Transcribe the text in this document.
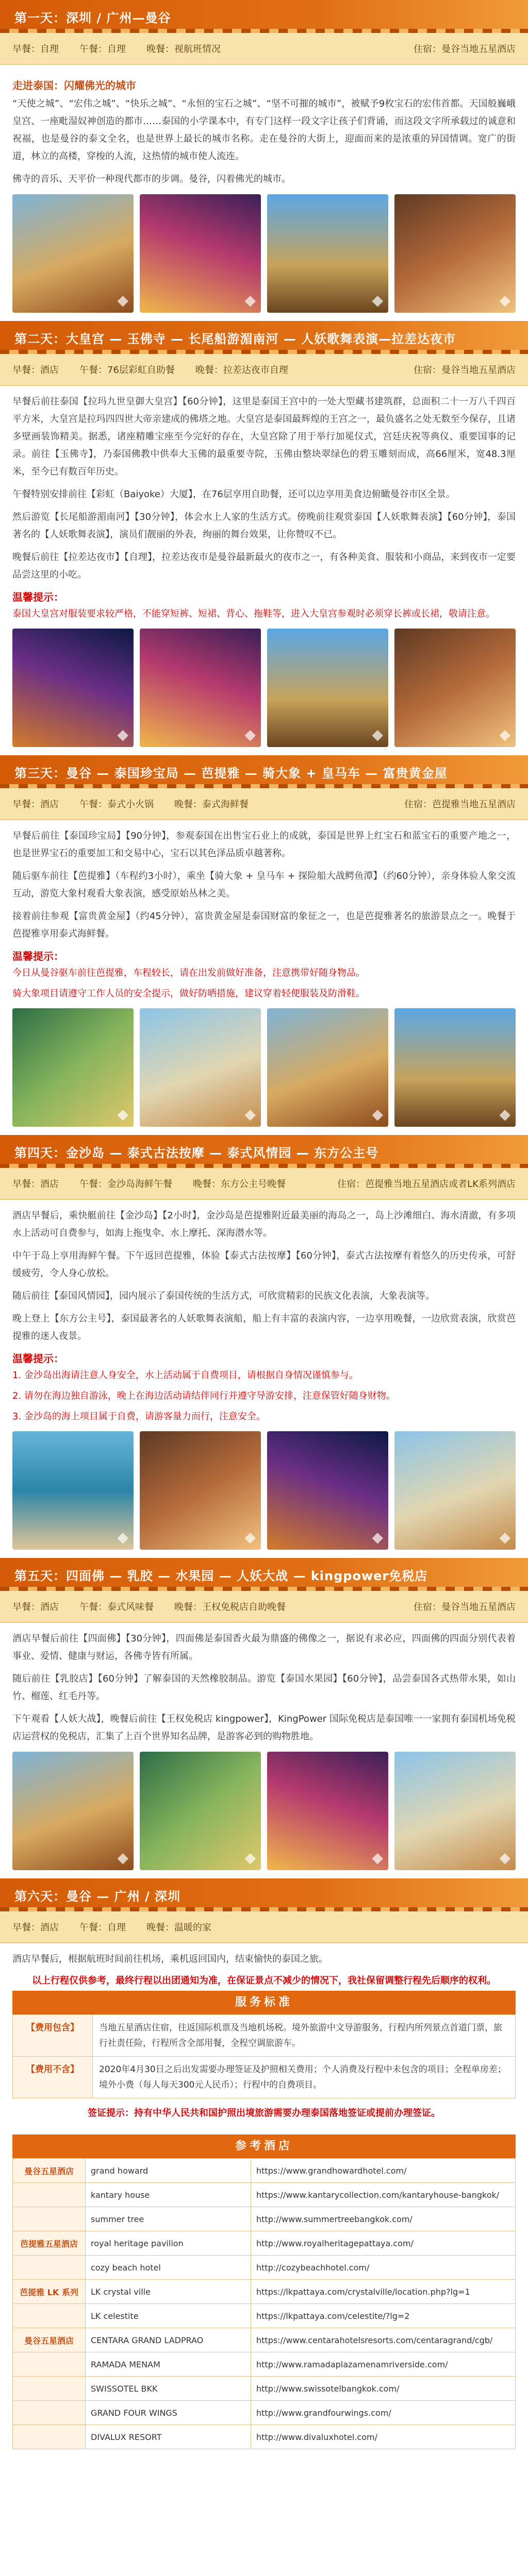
第一天：深圳 / 广州—曼谷
早餐：自理 午餐：自理 晚餐：视航班情况	住宿：曼谷当地五星酒店
走进泰国：闪耀佛光的城市

“天使之城”、“宏伟之城”、“快乐之城”、“永恒的宝石之城”、“坚不可摧的城市”，被赋予9枚宝石的宏伟首都。天国般巍峨皇宫、一座毗湿奴神创造的都市……泰国的小学课本中，有专门这样一段文字让孩子们背诵，而这段文字所承载过的诚意和祝福，也是曼谷的泰文全名，也是世界上最长的城市名称。走在曼谷的大街上，迎面而来的是浓重的异国情调。宽广的街道，林立的高楼，穿梭的人流，这热情的城市使人流连。

佛寺的音乐、天平价一种现代都市的步调。曼谷，闪着佛光的城市。

◆	◆	◆	◆
第二天：大皇宫 — 玉佛寺 — 长尾船游湄南河 — 人妖歌舞表演—拉差达夜市
早餐：酒店 午餐：76层彩虹自助餐 晚餐：拉差达夜市自理	住宿：曼谷当地五星酒店

早餐后前往泰国【拉玛九世皇御大皇宫】【60分钟】，这里是泰国王宫中的一处大型藏书建筑群，总面积二十一万八千四百平方米，大皇宫是拉玛四四世大帝亲建成的佛塔之地。大皇宫是泰国最辉煌的王宫之一，最负盛名之处无数至今保存，且诸多壁画装饰精美。据悉，诸座精雕宝座至今完好的存在，大皇宫除了用于举行加冕仪式，宫廷庆祝等典仪、重要国事的记录。前往【玉佛寺】，乃泰国佛教中供奉大玉佛的最重要寺院，玉佛由整块翠绿色的碧玉雕刻而成，高66厘米，宽48.3厘米，至今已有数百年历史。

午餐特别安排前往【彩虹（Baiyoke）大厦】，在76层享用自助餐，还可以边享用美食边俯瞰曼谷市区全景。

然后游览【长尾船游湄南河】【30分钟】，体会水上人家的生活方式。傍晚前往观赏泰国【人妖歌舞表演】【60分钟】，泰国著名的【人妖歌舞表演】，演员们靓丽的外表，绚丽的舞台效果，让你赞叹不已。

晚餐后前往【拉差达夜市】【自理】，拉差达夜市是曼谷最新最火的夜市之一，有各种美食、服装和小商品，来到夜市一定要品尝这里的小吃。

温馨提示：

泰国大皇宫对服装要求较严格，不能穿短裤、短裙、背心、拖鞋等，进入大皇宫参观时必须穿长裤或长裙，敬请注意。

◆	◆	◆	◆
第三天：曼谷 — 泰国珍宝局 — 芭提雅 — 骑大象 + 皇马车 — 富贵黄金屋
早餐：酒店 午餐：泰式小火锅 晚餐：泰式海鲜餐	住宿：芭提雅当地五星酒店

早餐后前往【泰国珍宝局】【90分钟】，参观泰国在出售宝石业上的成就，泰国是世界上红宝石和蓝宝石的重要产地之一，也是世界宝石的重要加工和交易中心，宝石以其色泽品质卓越著称。

随后驱车前往【芭提雅】（车程约3小时），乘坐【骑大象 + 皇马车 + 探险船大战鳄鱼潭】（约60分钟），亲身体验人象交流互动，游览大象村观看大象表演，感受原始丛林之美。

接着前往参观【富贵黄金屋】（约45分钟），富贵黄金屋是泰国财富的象征之一，也是芭提雅著名的旅游景点之一。晚餐于芭提雅享用泰式海鲜餐。

温馨提示：

今日从曼谷驱车前往芭提雅，车程较长，请在出发前做好准备，注意携带好随身物品。

骑大象项目请遵守工作人员的安全提示，做好防晒措施，建议穿着轻便服装及防滑鞋。

◆	◆	◆	◆
第四天：金沙岛 — 泰式古法按摩 — 泰式风情园 — 东方公主号
早餐：酒店 午餐：金沙岛海鲜午餐 晚餐：东方公主号晚餐	住宿：芭提雅当地五星酒店或者LK系列酒店

酒店早餐后，乘快艇前往【金沙岛】【2小时】，金沙岛是芭提雅附近最美丽的海岛之一，岛上沙滩细白、海水清澈，有多项水上活动可自费参与，如海上拖曳伞、水上摩托、深海潜水等。

中午于岛上享用海鲜午餐。下午返回芭提雅，体验【泰式古法按摩】【60分钟】，泰式古法按摩有着悠久的历史传承，可舒缓疲劳，令人身心放松。

随后前往【泰国风情园】，园内展示了泰国传统的生活方式，可欣赏精彩的民族文化表演，大象表演等。

晚上登上【东方公主号】，泰国最著名的人妖歌舞表演船，船上有丰富的表演内容，一边享用晚餐，一边欣赏表演，欣赏芭提雅的迷人夜景。

温馨提示：

1. 金沙岛出海请注意人身安全，水上活动属于自费项目，请根据自身情况谨慎参与。

2. 请勿在海边独自游泳，晚上在海边活动请结伴同行并遵守导游安排，注意保管好随身财物。

3. 金沙岛的海上项目属于自费，请游客量力而行，注意安全。

◆	◆	◆	◆
第五天：四面佛 — 乳胶 — 水果园 — 人妖大战 — kingpower免税店
早餐：酒店 午餐：泰式风味餐 晚餐：王权免税店自助晚餐	住宿：曼谷当地五星酒店

酒店早餐后前往【四面佛】【30分钟】，四面佛是泰国香火最为鼎盛的佛像之一，据说有求必应，四面佛的四面分别代表着事业、爱情、健康与财运，各佛寺皆有所属。

随后前往【乳胶店】【60分钟】了解泰国的天然橡胶制品。游览【泰国水果园】【60分钟】，品尝泰国各式热带水果，如山竹、榴莲、红毛丹等。

下午观看【人妖大战】，晚餐后前往【王权免税店 kingpower】，KingPower 国际免税店是泰国唯一一家拥有泰国机场免税店运营权的免税店，汇集了上百个世界知名品牌，是游客必到的购物胜地。

◆	◆	◆	◆
第六天：曼谷 — 广州 / 深圳
早餐：酒店 午餐：自理 晚餐：温暖的家

酒店早餐后，根据航班时间前往机场，乘机返回国内，结束愉快的泰国之旅。

以上行程仅供参考，最终行程以出团通知为准，在保证景点不减少的情况下，我社保留调整行程先后顺序的权利。

服务标准
【费用包含】	当地五星酒店住宿，往返国际机票及当地机场税。境外旅游中文导游服务，行程内所列景点首道门票，旅行社责任险，行程所含全部用餐，全程空调旅游车。
【费用不含】	2020年4月30日之后出发需要办理签证及护照相关费用；个人消费及行程中未包含的项目；全程单房差；境外小费（每人每天300元人民币）；行程中的自费项目。
签证提示：持有中华人民共和国护照出境旅游需要办理泰国落地签证或提前办理签证。
参考酒店
曼谷五星酒店	grand howard	https://www.grandhowardhotel.com/
	kantary house	https://www.kantarycollection.com/kantaryhouse-bangkok/
	summer tree	http://www.summertreebangkok.com/
芭提雅五星酒店	royal heritage pavilion	http://www.royalheritagepattaya.com/
	cozy beach hotel	http://cozybeachhotel.com/
芭提雅 LK 系列	LK crystal ville	https://lkpattaya.com/crystalville/location.php?lg=1
	LK celestite	https://lkpattaya.com/celestite/?lg=2
曼谷五星酒店	CENTARA GRAND LADPRAO	https://www.centarahotelsresorts.com/centaragrand/cgb/
	RAMADA MENAM	http://www.ramadaplazamenamriverside.com/
	SWISSOTEL BKK	http://www.swissotelbangkok.com/
	GRAND FOUR WINGS	http://www.grandfourwings.com/
	DIVALUX RESORT	http://www.divaluxhotel.com/
